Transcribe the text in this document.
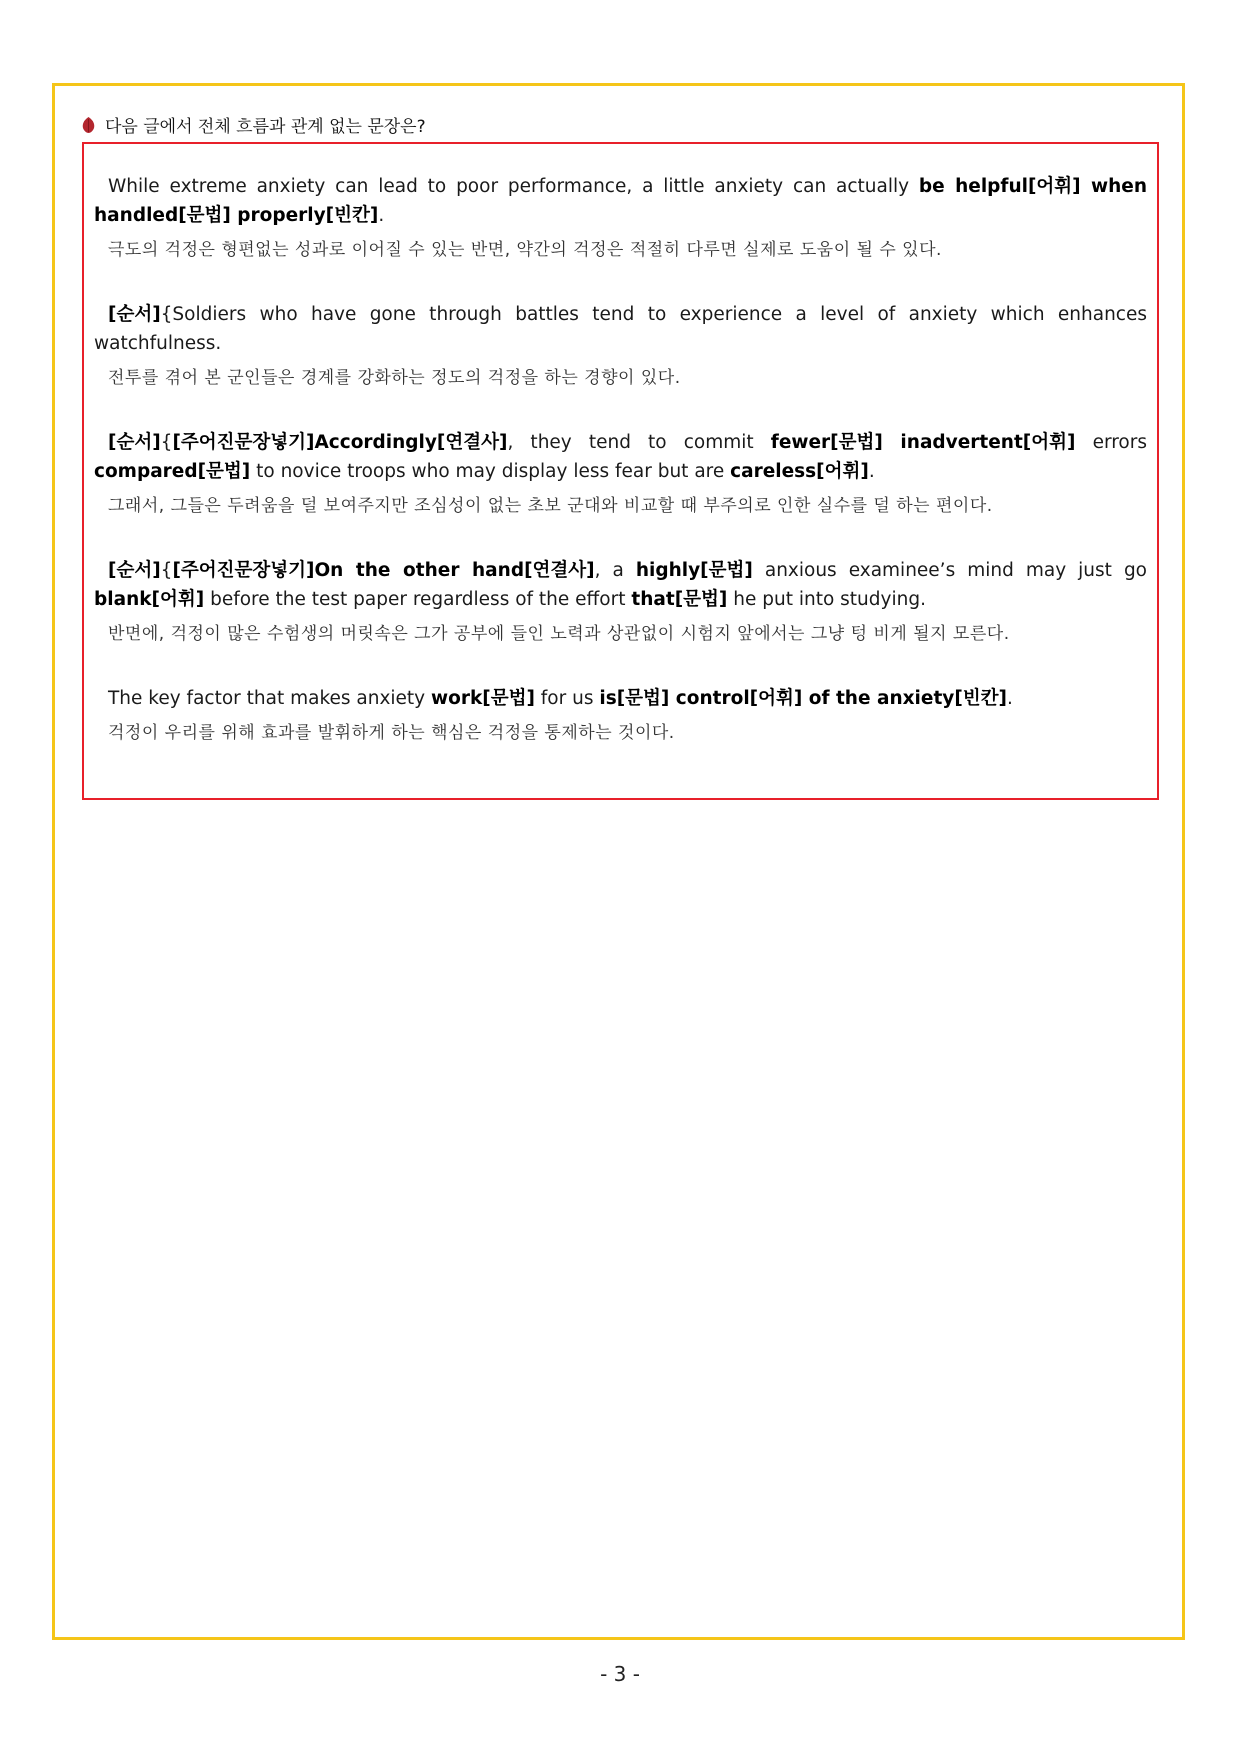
다음 글에서 전체 흐름과 관계 없는 문장은?

While extreme anxiety can lead to poor performance, a little anxiety can actually be helpful[어휘] when handled[문법] properly[빈칸].

극도의 걱정은 형편없는 성과로 이어질 수 있는 반면, 약간의 걱정은 적절히 다루면 실제로 도움이 될 수 있다.

[순서]{Soldiers who have gone through battles tend to experience a level of anxiety which enhances watchfulness.

전투를 겪어 본 군인들은 경계를 강화하는 정도의 걱정을 하는 경향이 있다.

[순서]{[주어진문장넣기]Accordingly[연결사], they tend to commit fewer[문법] inadvertent[어휘] errors compared[문법] to novice troops who may display less fear but are careless[어휘].

그래서, 그들은 두려움을 덜 보여주지만 조심성이 없는 초보 군대와 비교할 때 부주의로 인한 실수를 덜 하는 편이다.

[순서]{[주어진문장넣기]On the other hand[연결사], a highly[문법] anxious examinee’s mind may just go blank[어휘] before the test paper regardless of the effort that[문법] he put into studying.

반면에, 걱정이 많은 수험생의 머릿속은 그가 공부에 들인 노력과 상관없이 시험지 앞에서는 그냥 텅 비게 될지 모른다.

The key factor that makes anxiety work[문법] for us is[문법] control[어휘] of the anxiety[빈칸].

걱정이 우리를 위해 효과를 발휘하게 하는 핵심은 걱정을 통제하는 것이다.

- 3 -
